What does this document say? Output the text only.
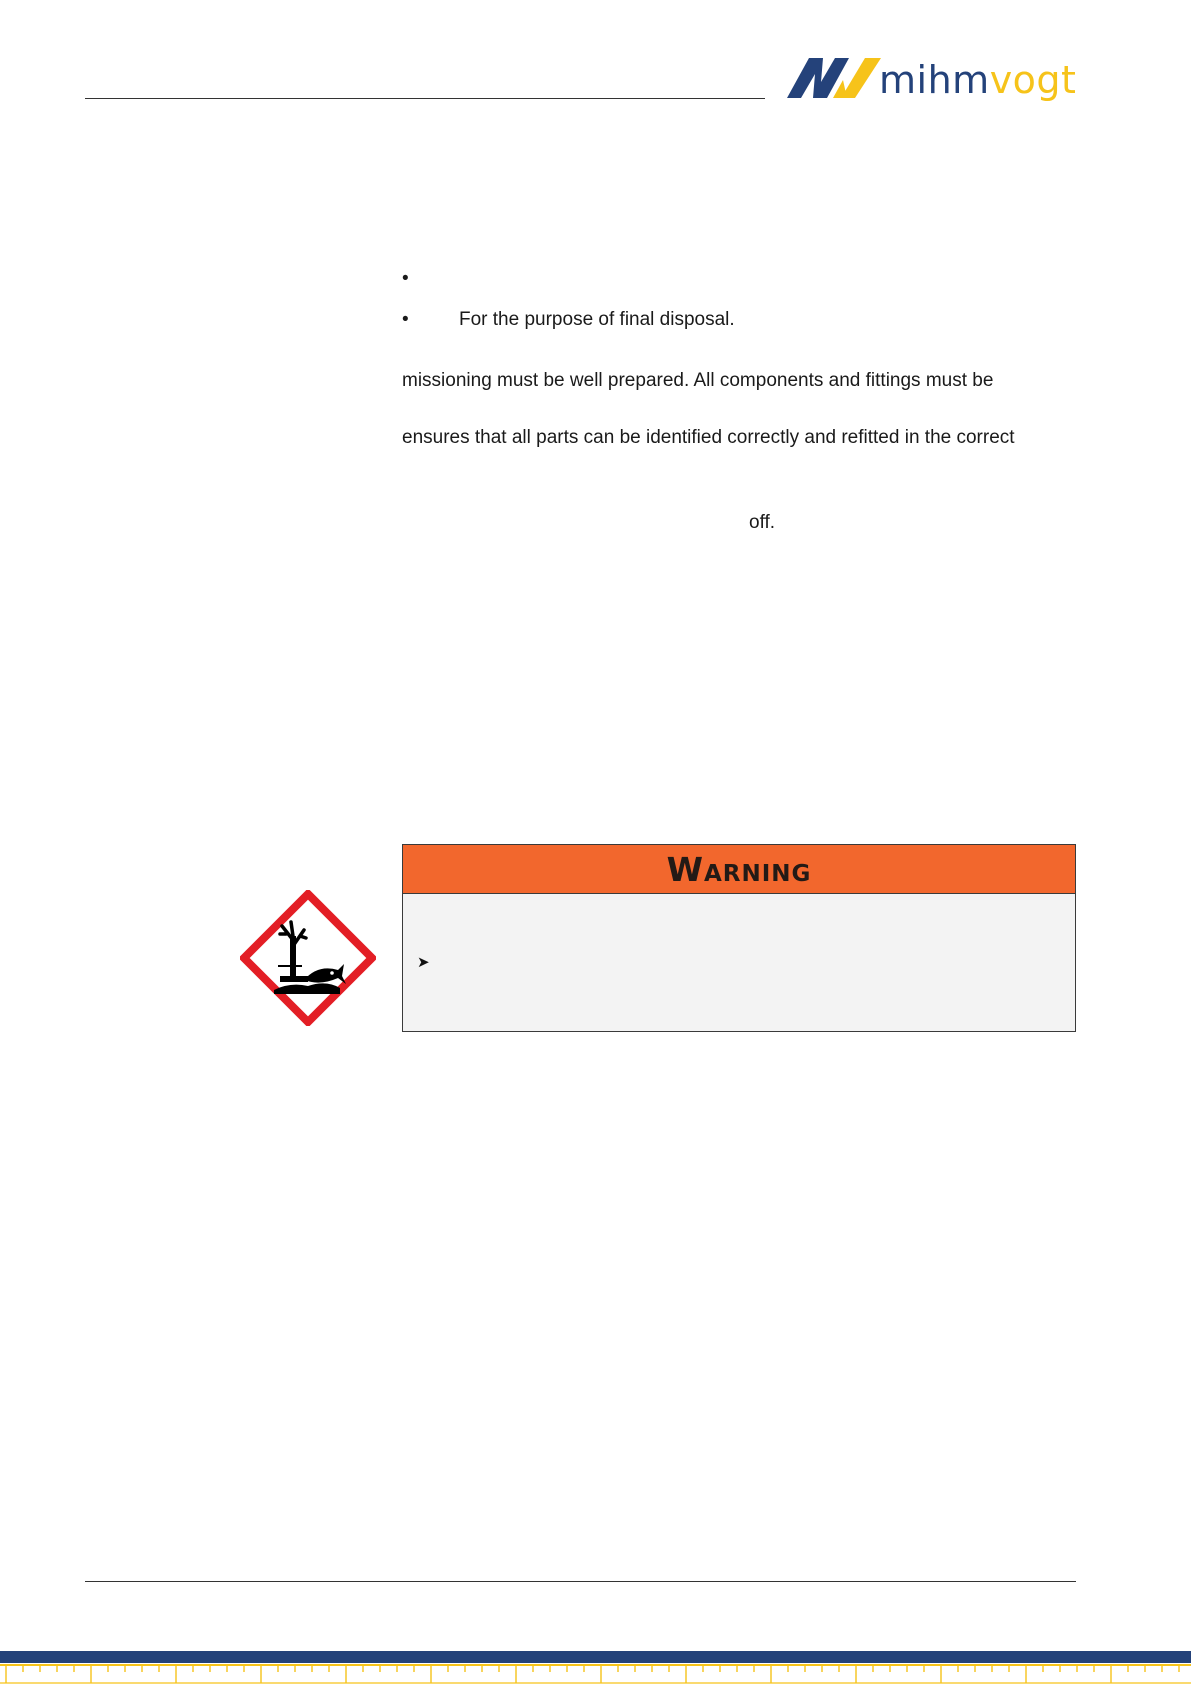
mihmvogt
•
•	For the purpose of final disposal.
missioning must be well prepared. All components and fittings must be
ensures that all parts can be identified correctly and refitted in the correct
off.
Warning
➤
